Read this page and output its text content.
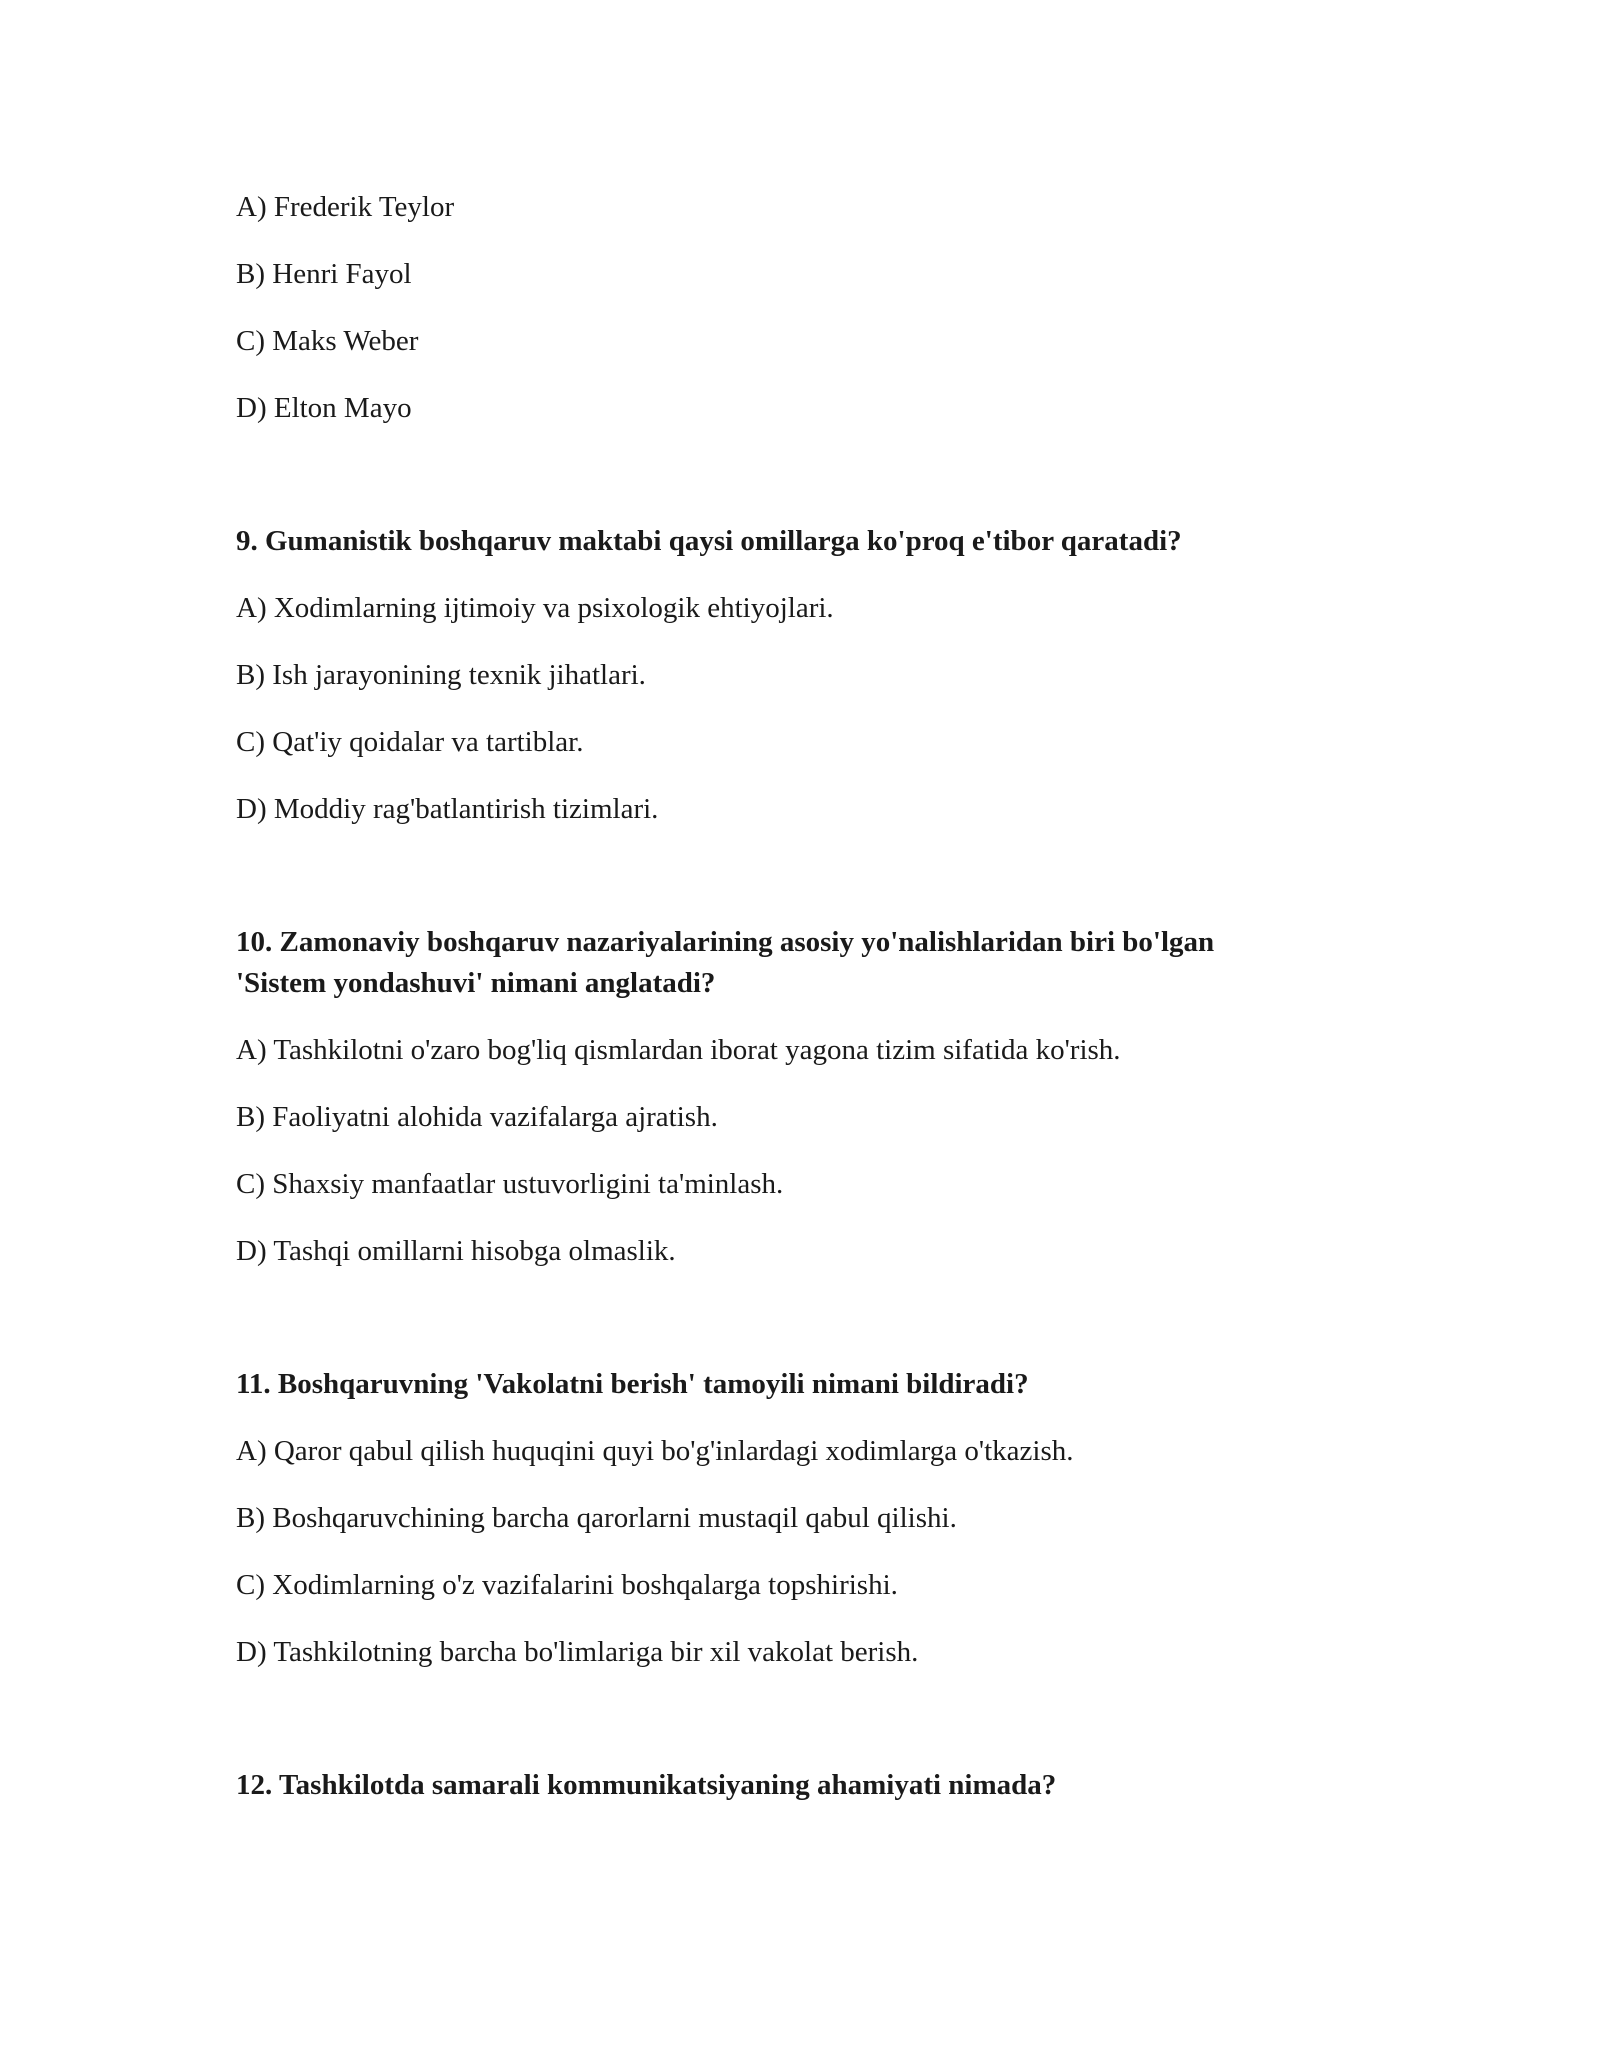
A) Frederik Teylor
B) Henri Fayol
C) Maks Weber
D) Elton Mayo
9. Gumanistik boshqaruv maktabi qaysi omillarga ko'proq e'tibor qaratadi?
A) Xodimlarning ijtimoiy va psixologik ehtiyojlari.
B) Ish jarayonining texnik jihatlari.
C) Qat'iy qoidalar va tartiblar.
D) Moddiy rag'batlantirish tizimlari.
10. Zamonaviy boshqaruv nazariyalarining asosiy yo'nalishlaridan biri bo'lgan
'Sistem yondashuvi' nimani anglatadi?
A) Tashkilotni o'zaro bog'liq qismlardan iborat yagona tizim sifatida ko'rish.
B) Faoliyatni alohida vazifalarga ajratish.
C) Shaxsiy manfaatlar ustuvorligini ta'minlash.
D) Tashqi omillarni hisobga olmaslik.
11. Boshqaruvning 'Vakolatni berish' tamoyili nimani bildiradi?
A) Qaror qabul qilish huquqini quyi bo'g'inlardagi xodimlarga o'tkazish.
B) Boshqaruvchining barcha qarorlarni mustaqil qabul qilishi.
C) Xodimlarning o'z vazifalarini boshqalarga topshirishi.
D) Tashkilotning barcha bo'limlariga bir xil vakolat berish.
12. Tashkilotda samarali kommunikatsiyaning ahamiyati nimada?
